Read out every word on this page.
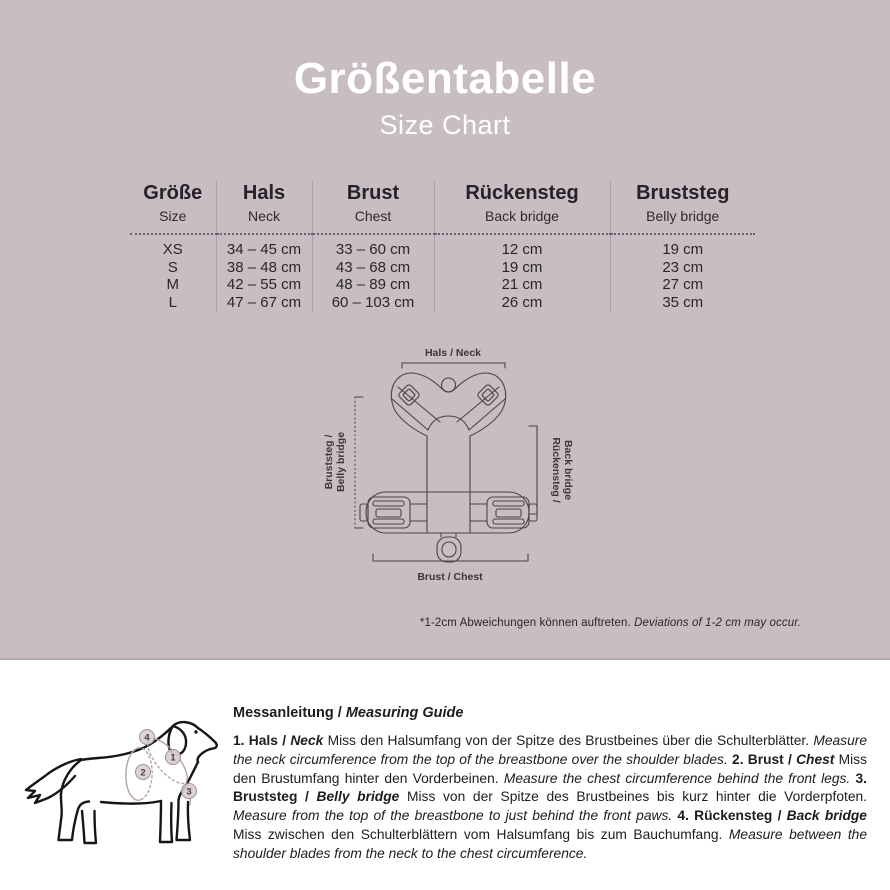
Größentabelle
Size Chart
Größe
Size

Hals
Neck

Brust
Chest

Rückensteg
Back bridge

Bruststeg
Belly bridge

XS	34 – 45 cm	33 – 60 cm	12 cm	19 cm
S	38 – 48 cm	43 – 68 cm	19 cm	23 cm
M	42 – 55 cm	48 – 89 cm	21 cm	27 cm
L	47 – 67 cm	60 – 103 cm	26 cm	35 cm
Hals / Neck
Bruststeg / Belly bridge	Rückensteg / Back bridge
Brust / Chest
*1-2cm Abweichungen können auftreten. Deviations of 1-2 cm may occur.
1
2
3
4
Messanleitung / Measuring Guide
1. Hals / Neck Miss den Halsumfang von der Spitze des Brustbeines über die Schulterblätter. Measure the neck circumference from the top of the breastbone over the shoulder blades. 2. Brust / Chest Miss den Brustumfang hinter den Vorderbeinen. Measure the chest circumference behind the front legs. 3. Bruststeg / Belly bridge Miss von der Spitze des Brustbeines bis kurz hinter die Vorderpfoten. Measure from the top of the breastbone to just behind the front paws. 4. Rückensteg / Back bridge Miss zwischen den Schulterblättern vom Halsumfang bis zum Bauchumfang. Measure between the shoulder blades from the neck to the chest circumference.
